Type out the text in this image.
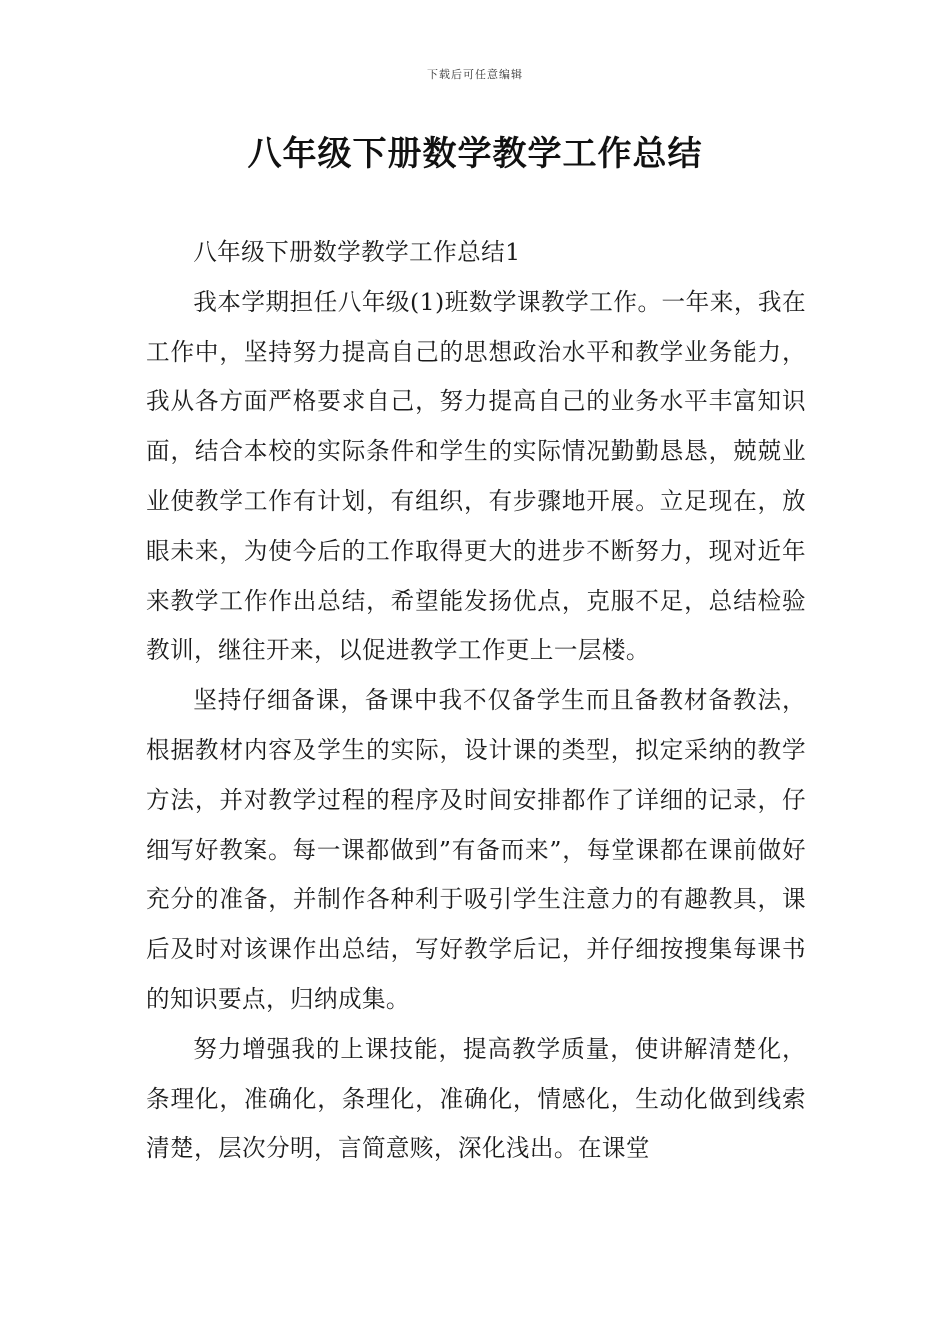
下载后可任意编辑
八年级下册数学教学工作总结

八年级下册数学教学工作总结1

我本学期担任八年级(1)班数学课教学工作。一年来，我在工作中，坚持努力提高自己的思想政治水平和教学业务能力，我从各方面严格要求自己，努力提高自己的业务水平丰富知识面，结合本校的实际条件和学生的实际情况勤勤恳恳，兢兢业业使教学工作有计划，有组织，有步骤地开展。立足现在，放眼未来，为使今后的工作取得更大的进步不断努力，现对近年来教学工作作出总结，希望能发扬优点，克服不足，总结检验教训，继往开来，以促进教学工作更上一层楼。

坚持仔细备课，备课中我不仅备学生而且备教材备教法，根据教材内容及学生的实际，设计课的类型，拟定采纳的教学方法，并对教学过程的程序及时间安排都作了详细的记录，仔细写好教案。每一课都做到”有备而来”，每堂课都在课前做好充分的准备，并制作各种利于吸引学生注意力的有趣教具，课后及时对该课作出总结，写好教学后记，并仔细按搜集每课书的知识要点，归纳成集。

努力增强我的上课技能，提高教学质量，使讲解清楚化，条理化，准确化，条理化，准确化，情感化，生动化做到线索清楚，层次分明，言简意赅，深化浅出。在课堂
